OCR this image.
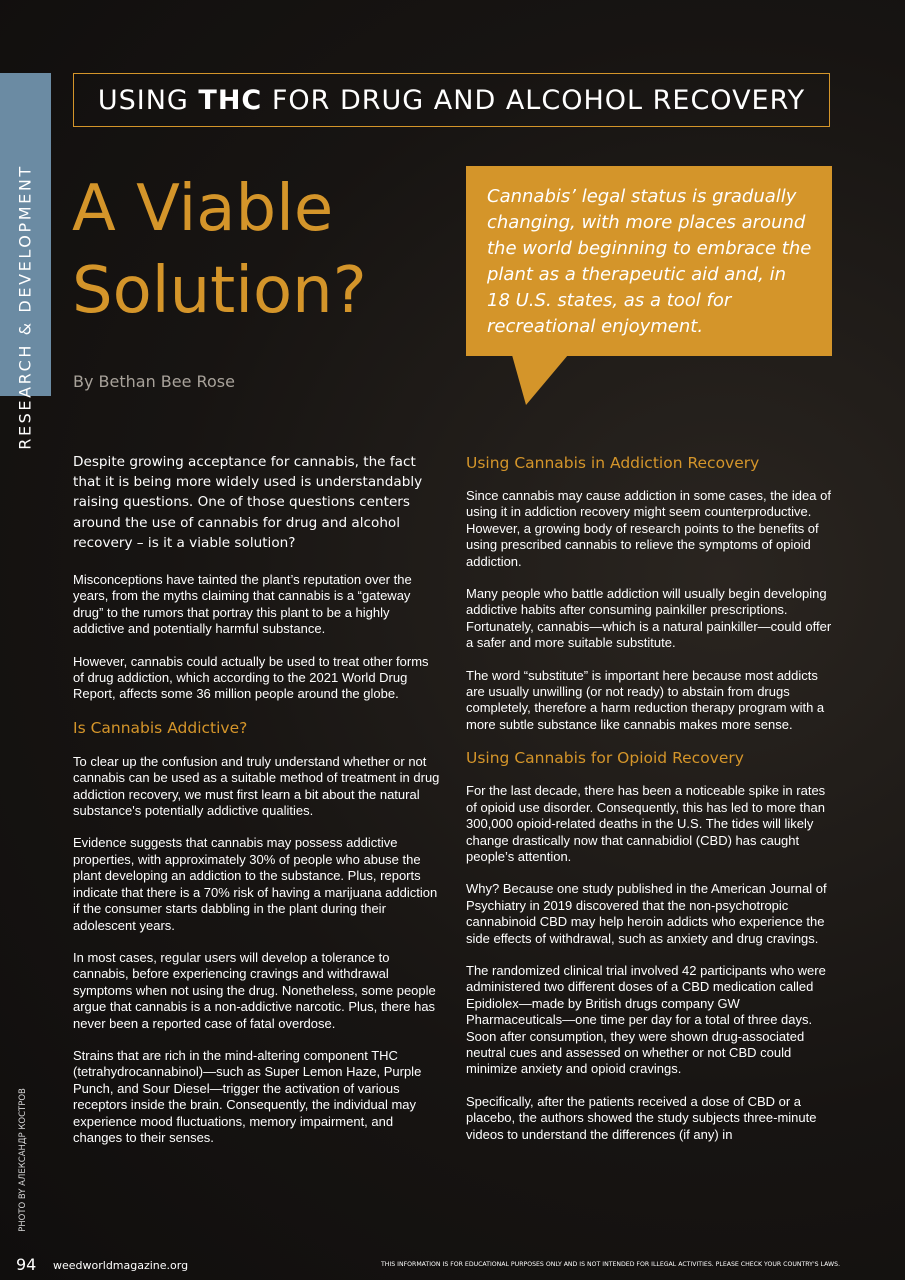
RESEARCH & DEVELOPMENT
USING THC FOR DRUG AND ALCOHOL RECOVERY
A Viable
Solution?
By Bethan Bee Rose
Cannabis’ legal status is gradually changing, with more places around the world beginning to embrace the plant as a therapeutic aid and, in 18 U.S. states, as a tool for recreational enjoyment.

Despite growing acceptance for cannabis, the fact that it is being more widely used is understandably raising questions. One of those questions centers around the use of cannabis for drug and alcohol recovery – is it a viable solution?

Misconceptions have tainted the plant’s reputation over the years, from the myths claiming that cannabis is a “gateway drug” to the rumors that portray this plant to be a highly addictive and potentially harmful substance.

However, cannabis could actually be used to treat other forms of drug addiction, which according to the 2021 World Drug Report, affects some 36 million people around the globe.

Is Cannabis Addictive?

To clear up the confusion and truly understand whether or not cannabis can be used as a suitable method of treatment in drug addiction recovery, we must first learn a bit about the natural substance's potentially addictive qualities.

Evidence suggests that cannabis may possess addictive properties, with approximately 30% of people who abuse the plant developing an addiction to the substance. Plus, reports indicate that there is a 70% risk of having a marijuana addiction if the consumer starts dabbling in the plant during their adolescent years.

In most cases, regular users will develop a tolerance to cannabis, before experiencing cravings and withdrawal symptoms when not using the drug. Nonetheless, some people argue that cannabis is a non-addictive narcotic. Plus, there has never been a reported case of fatal overdose.

Strains that are rich in the mind-altering component THC (tetrahydrocannabinol)—such as Super Lemon Haze, Purple Punch, and Sour Diesel—trigger the activation of various receptors inside the brain. Consequently, the individual may experience mood fluctuations, memory impairment, and changes to their senses.

Using Cannabis in Addiction Recovery

Since cannabis may cause addiction in some cases, the idea of using it in addiction recovery might seem counterproductive. However, a growing body of research points to the benefits of using prescribed cannabis to relieve the symptoms of opioid addiction.

Many people who battle addiction will usually begin developing addictive habits after consuming painkiller prescriptions. Fortunately, cannabis—which is a natural painkiller—could offer a safer and more suitable substitute.

The word “substitute” is important here because most addicts are usually unwilling (or not ready) to abstain from drugs completely, therefore a harm reduction therapy program with a more subtle substance like cannabis makes more sense.

Using Cannabis for Opioid Recovery

For the last decade, there has been a noticeable spike in rates of opioid use disorder. Consequently, this has led to more than 300,000 opioid-related deaths in the U.S. The tides will likely change drastically now that cannabidiol (CBD) has caught people’s attention.

Why? Because one study published in the American Journal of Psychiatry in 2019 discovered that the non-psychotropic cannabinoid CBD may help heroin addicts who experience the side effects of withdrawal, such as anxiety and drug cravings.

The randomized clinical trial involved 42 participants who were administered two different doses of a CBD medication called Epidiolex—made by British drugs company GW Pharmaceuticals—one time per day for a total of three days. Soon after consumption, they were shown drug-associated neutral cues and assessed on whether or not CBD could minimize anxiety and opioid cravings.

Specifically, after the patients received a dose of CBD or a placebo, the authors showed the study subjects three-minute videos to understand the differences (if any) in

PHOTO BY АЛЕКСАНДР КОСТРОВ
94 weedworldmagazine.org	THIS INFORMATION IS FOR EDUCATIONAL PURPOSES ONLY AND IS NOT INTENDED FOR ILLEGAL ACTIVITIES. PLEASE CHECK YOUR COUNTRY'S LAWS.
